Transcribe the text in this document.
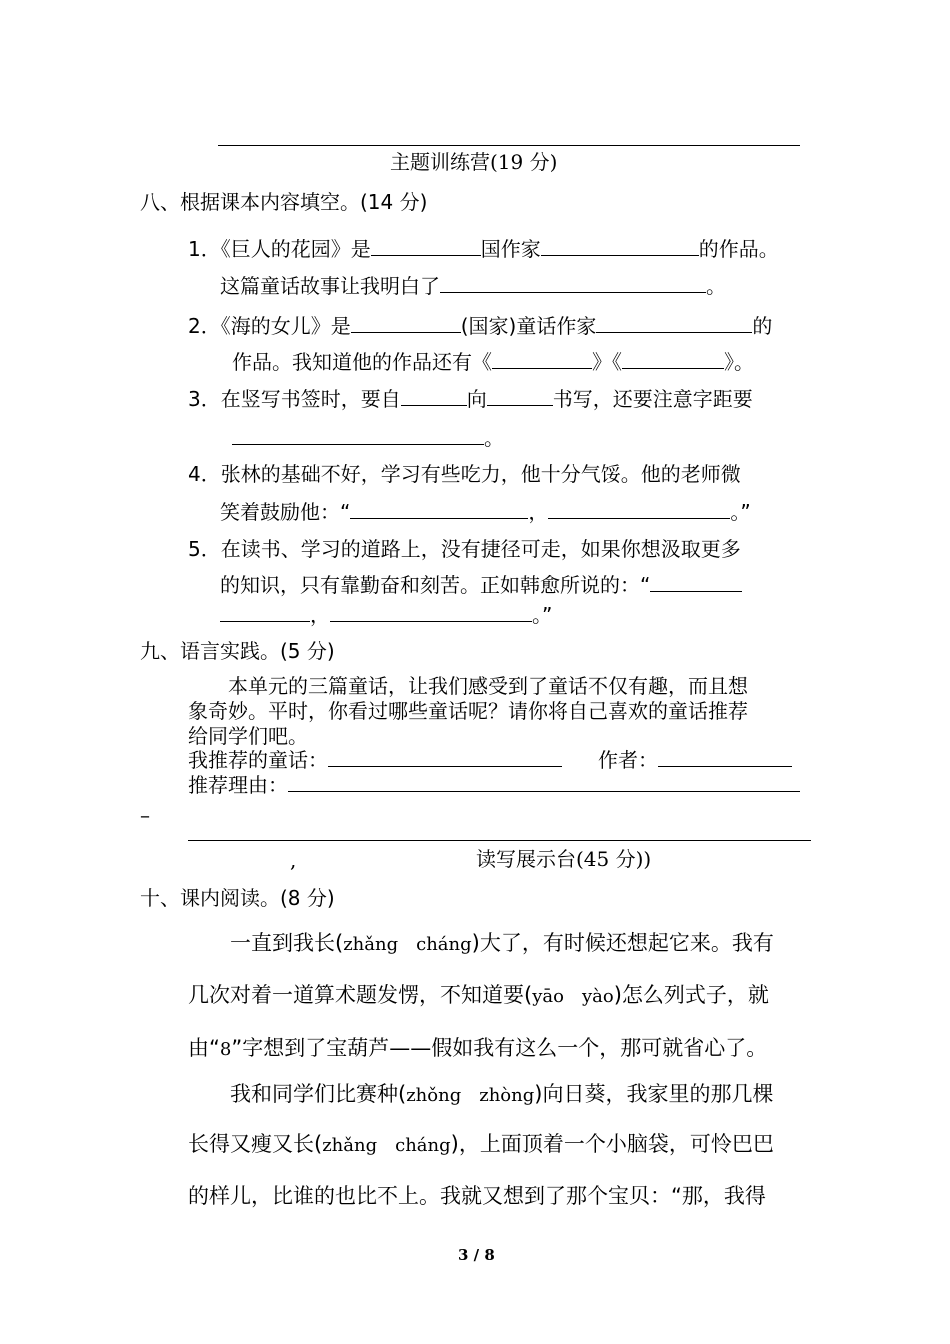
主题训练营(19 分)
八、根据课本内容填空。(14 分)
1．《巨人的花园》是	国作家	的作品。
这篇童话故事让我明白了	。
2．《海的女儿》是	(国家)童话作家	的
作品。我知道他的作品还有《	》《	》。
3．在竖写书签时，要自	向	书写，还要注意字距要
。
4．张林的基础不好，学习有些吃力，他十分气馁。他的老师微
笑着鼓励他：“	，	。”
5．在读书、学习的道路上，没有捷径可走，如果你想汲取更多
的知识，只有靠勤奋和刻苦。正如韩愈所说的：“
，	。”
九、语言实践。(5 分)
本单元的三篇童话，让我们感受到了童话不仅有趣，而且想
象奇妙。平时，你看过哪些童话呢？请你将自己喜欢的童话推荐
给同学们吧。
我推荐的童话：	作者：
推荐理由：
–
,	读写展示台(45 分))
十、课内阅读。(8 分)
一直到我长(zhǎng　cháng)大了，有时候还想起它来。我有
几次对着一道算术题发愣，不知道要(yāo　yào)怎么列式子，就
由“8”字想到了宝葫芦——假如我有这么一个，那可就省心了。
我和同学们比赛种(zhǒng　zhòng)向日葵，我家里的那几棵
长得又瘦又长(zhǎng　cháng)，上面顶着一个小脑袋，可怜巴巴
的样儿，比谁的也比不上。我就又想到了那个宝贝：“那，我得
3 / 8
